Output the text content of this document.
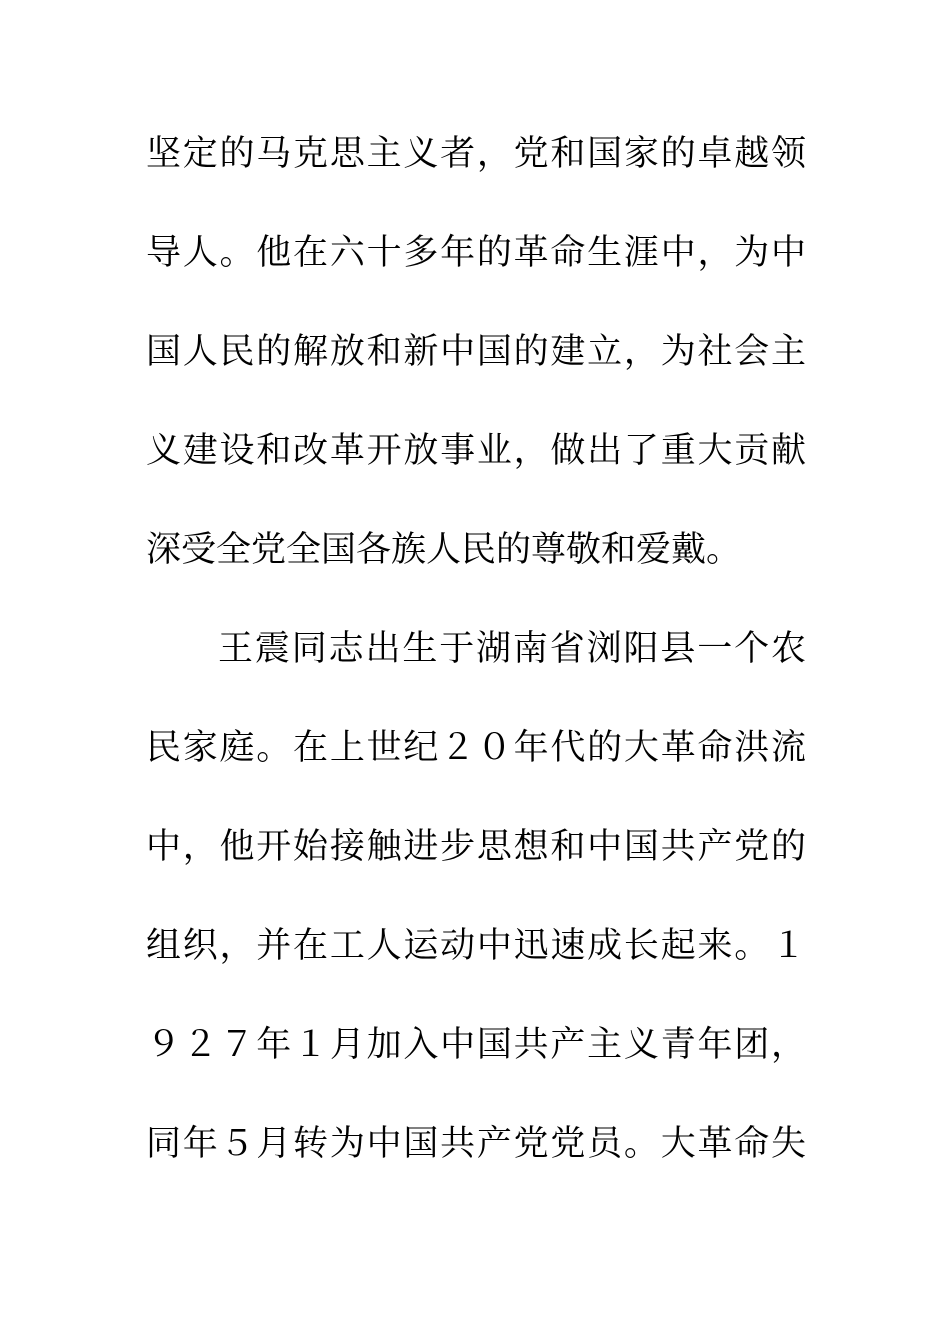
坚定的马克思主义者，党和国家的卓越领
导人。他在六十多年的革命生涯中，为中
国人民的解放和新中国的建立，为社会主
义建设和改革开放事业，做出了重大贡献
深受全党全国各族人民的尊敬和爱戴。
王震同志出生于湖南省浏阳县一个农
民家庭。在上世纪２０年代的大革命洪流
中，他开始接触进步思想和中国共产党的
组织，并在工人运动中迅速成长起来。１
９２７年１月加入中国共产主义青年团，
同年５月转为中国共产党党员。大革命失
